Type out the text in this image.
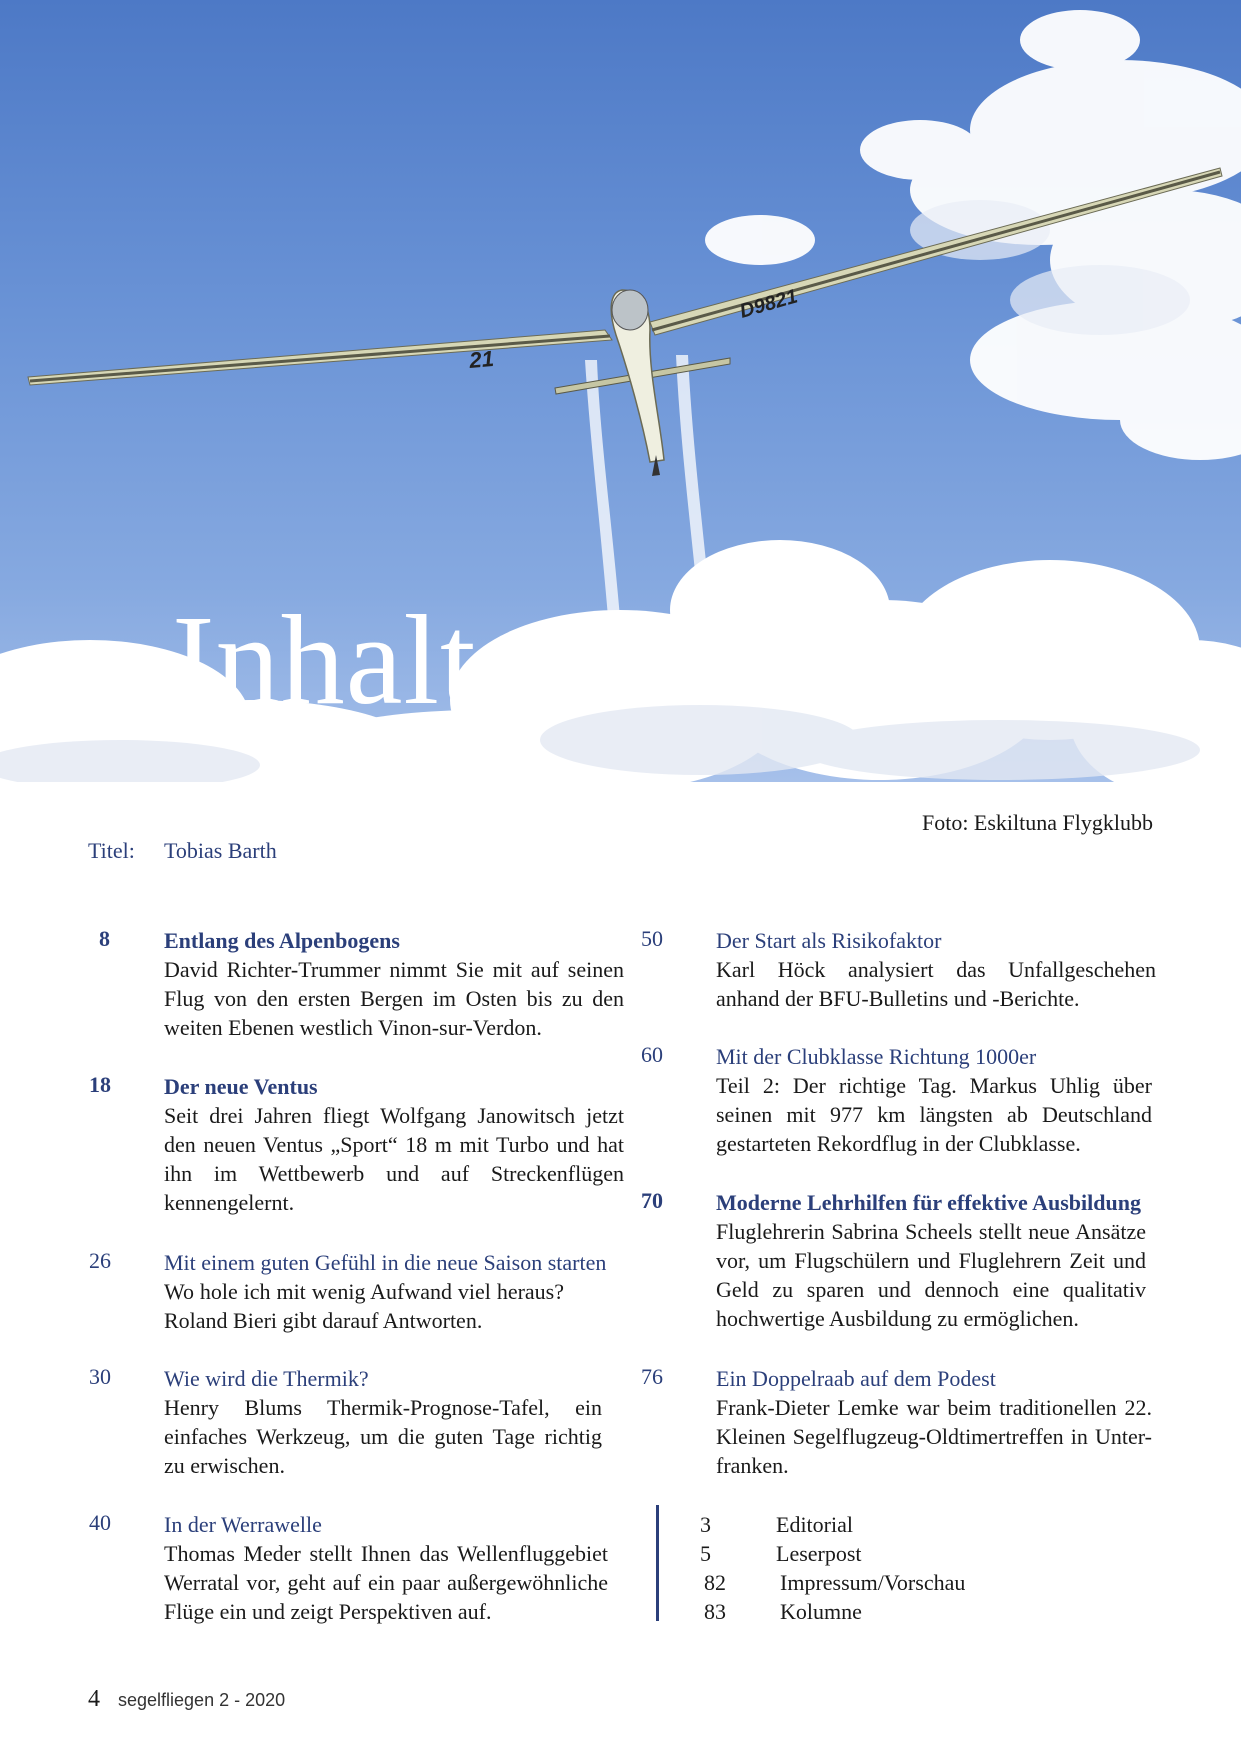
21
D9821
Inhalt
Foto: Eskiltuna Flygklubb
Titel: Tobias Barth
8	Entlang des Alpenbogens
David Richter-Trummer nimmt Sie mit auf seinen Flug von den ersten Bergen im Osten bis zu den weiten Ebenen westlich Vinon-sur-Verdon.
18	Der neue Ventus
Seit drei Jahren fliegt Wolfgang Janowitsch jetzt den neuen Ventus „Sport“ 18 m mit Turbo und hat ihn im Wettbewerb und auf Streckenflügen kennengelernt.
26	Mit einem guten Gefühl in die neue Saison starten
Wo hole ich mit wenig Aufwand viel heraus? Roland Bieri gibt darauf Antworten.
30	Wie wird die Thermik?
Henry Blums Thermik-Prognose-Tafel, ein einfaches Werkzeug, um die guten Tage richtig zu erwischen.
40	In der Werrawelle
Thomas Meder stellt Ihnen das Wellenfluggebiet Werratal vor, geht auf ein paar außergewöhnliche Flüge ein und zeigt Perspektiven auf.
50	Der Start als Risikofaktor
Karl Höck analysiert das Unfallgeschehen anhand der BFU-Bulletins und -Berichte.
60	Mit der Clubklasse Richtung 1000er
Teil 2: Der richtige Tag. Markus Uhlig über seinen mit 977 km längsten ab Deutschland gestarteten Rekordflug in der Clubklasse.
70	Moderne Lehrhilfen für effektive Ausbildung
Fluglehrerin Sabrina Scheels stellt neue Ansätze vor, um Flugschülern und Fluglehrern Zeit und Geld zu sparen und dennoch eine qualitativ hochwertige Ausbildung zu ermöglichen.
76	Ein Doppelraab auf dem Podest
Frank-Dieter Lemke war beim traditionellen 22. Kleinen Segelflugzeug-Oldtimertreffen in Unter- franken.
3	Editorial
5	Leserpost
82 Impressum/Vorschau
83 Kolumne
4 segelfliegen 2 - 2020
